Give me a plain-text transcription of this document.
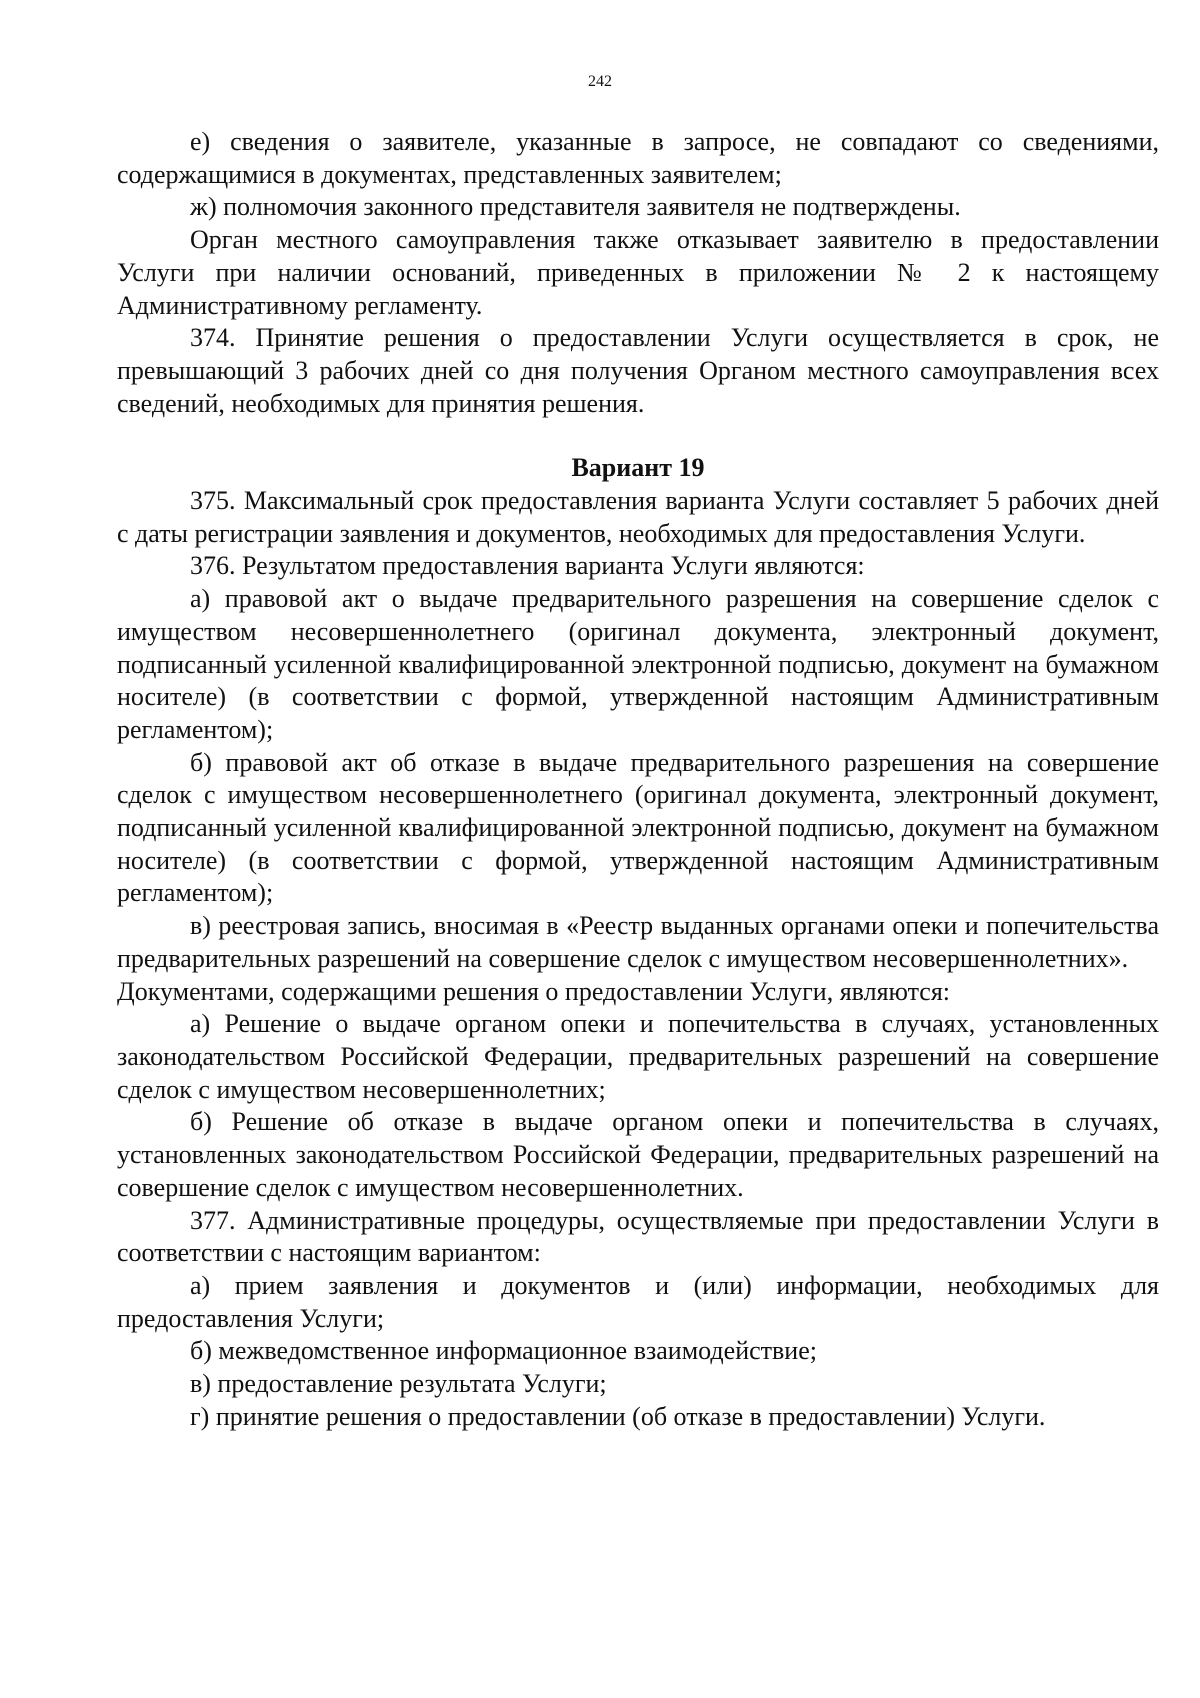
242

е) сведения о заявителе, указанные в запросе, не совпадают со сведениями, содержащимися в документах, представленных заявителем;

ж) полномочия законного представителя заявителя не подтверждены.

Орган местного самоуправления также отказывает заявителю в предоставлении Услуги при наличии оснований, приведенных в приложении № 2 к настоящему Административному регламенту.

374. Принятие решения о предоставлении Услуги осуществляется в срок, не превышающий 3 рабочих дней со дня получения Органом местного самоуправления всех сведений, необходимых для принятия решения.

Вариант 19

375. Максимальный срок предоставления варианта Услуги составляет 5 рабочих дней с даты регистрации заявления и документов, необходимых для предоставления Услуги.

376. Результатом предоставления варианта Услуги являются:

а) правовой акт о выдаче предварительного разрешения на совершение сделок с имуществом несовершеннолетнего (оригинал документа, электронный документ, подписанный усиленной квалифицированной электронной подписью, документ на бумажном носителе) (в соответствии с формой, утвержденной настоящим Административным регламентом);

б) правовой акт об отказе в выдаче предварительного разрешения на совершение сделок с имуществом несовершеннолетнего (оригинал документа, электронный документ, подписанный усиленной квалифицированной электронной подписью, документ на бумажном носителе) (в соответствии с формой, утвержденной настоящим Административным регламентом);

в) реестровая запись, вносимая в «Реестр выданных органами опеки и попечительства предварительных разрешений на совершение сделок с имуществом несовершеннолетних».

Документами, содержащими решения о предоставлении Услуги, являются:

а) Решение о выдаче органом опеки и попечительства в случаях, установленных законодательством Российской Федерации, предварительных разрешений на совершение сделок с имуществом несовершеннолетних;

б) Решение об отказе в выдаче органом опеки и попечительства в случаях, установленных законодательством Российской Федерации, предварительных разрешений на совершение сделок с имуществом несовершеннолетних.

377. Административные процедуры, осуществляемые при предоставлении Услуги в соответствии с настоящим вариантом:

а) прием заявления и документов и (или) информации, необходимых для предоставления Услуги;

б) межведомственное информационное взаимодействие;

в) предоставление результата Услуги;

г) принятие решения о предоставлении (об отказе в предоставлении) Услуги.
